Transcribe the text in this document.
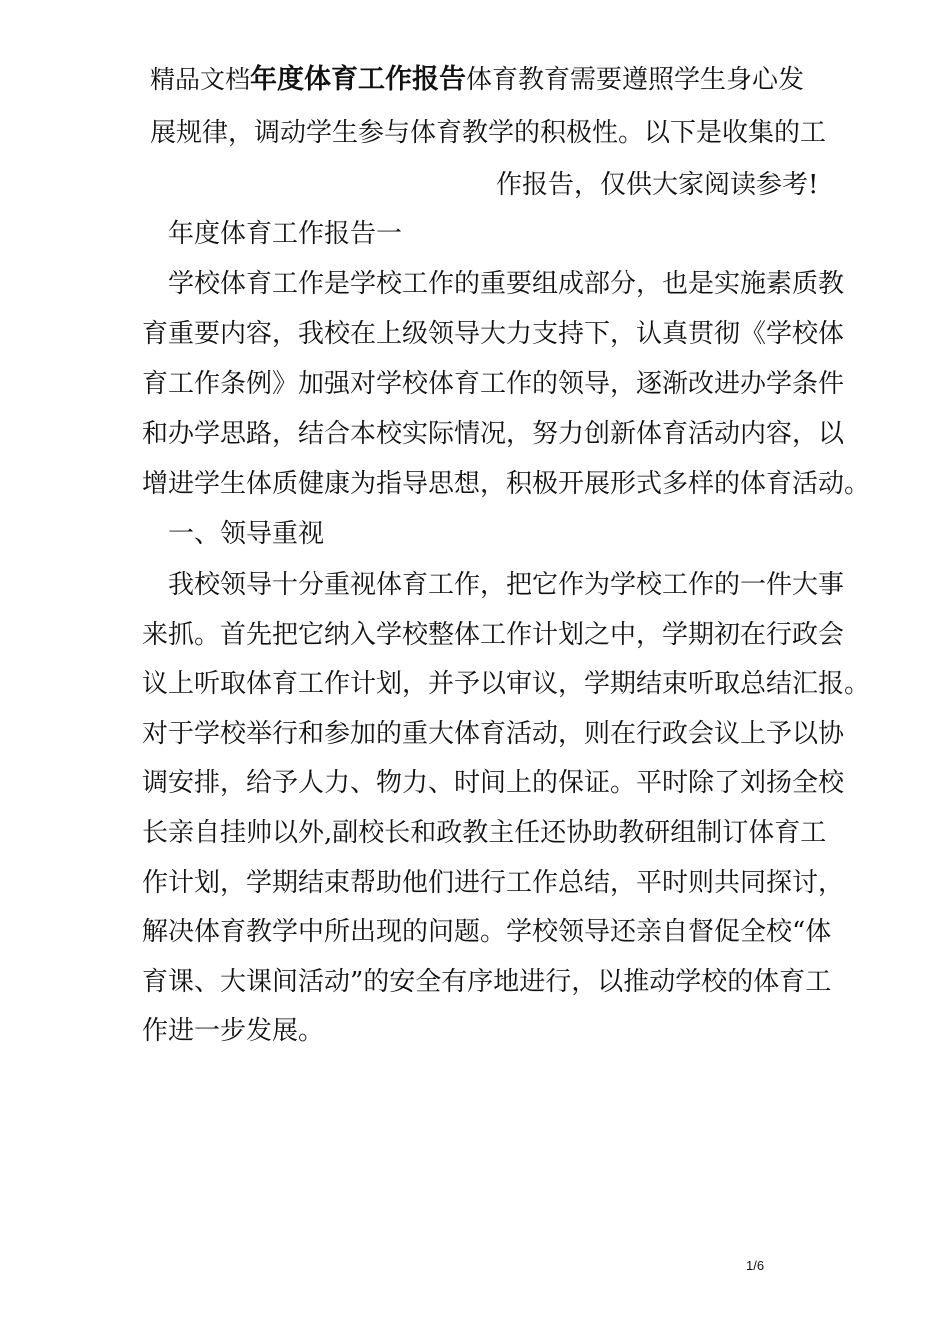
精品文档年度体育工作报告体育教育需要遵照学生身心发
展规律，调动学生参与体育教学的积极性。以下是收集的工
作报告，仅供大家阅读参考!
年度体育工作报告一
学校体育工作是学校工作的重要组成部分，也是实施素质教
育重要内容，我校在上级领导大力支持下，认真贯彻《学校体
育工作条例》加强对学校体育工作的领导，逐渐改进办学条件
和办学思路，结合本校实际情况，努力创新体育活动内容，以
增进学生体质健康为指导思想，积极开展形式多样的体育活动。
一、领导重视
我校领导十分重视体育工作，把它作为学校工作的一件大事
来抓。首先把它纳入学校整体工作计划之中，学期初在行政会
议上听取体育工作计划，并予以审议，学期结束听取总结汇报。
对于学校举行和参加的重大体育活动，则在行政会议上予以协
调安排，给予人力、物力、时间上的保证。平时除了刘扬全校
长亲自挂帅以外,副校长和政教主任还协助教研组制订体育工
作计划，学期结束帮助他们进行工作总结，平时则共同探讨，
解决体育教学中所出现的问题。学校领导还亲自督促全校“体
育课、大课间活动”的安全有序地进行，以推动学校的体育工
作进一步发展。
1/6
